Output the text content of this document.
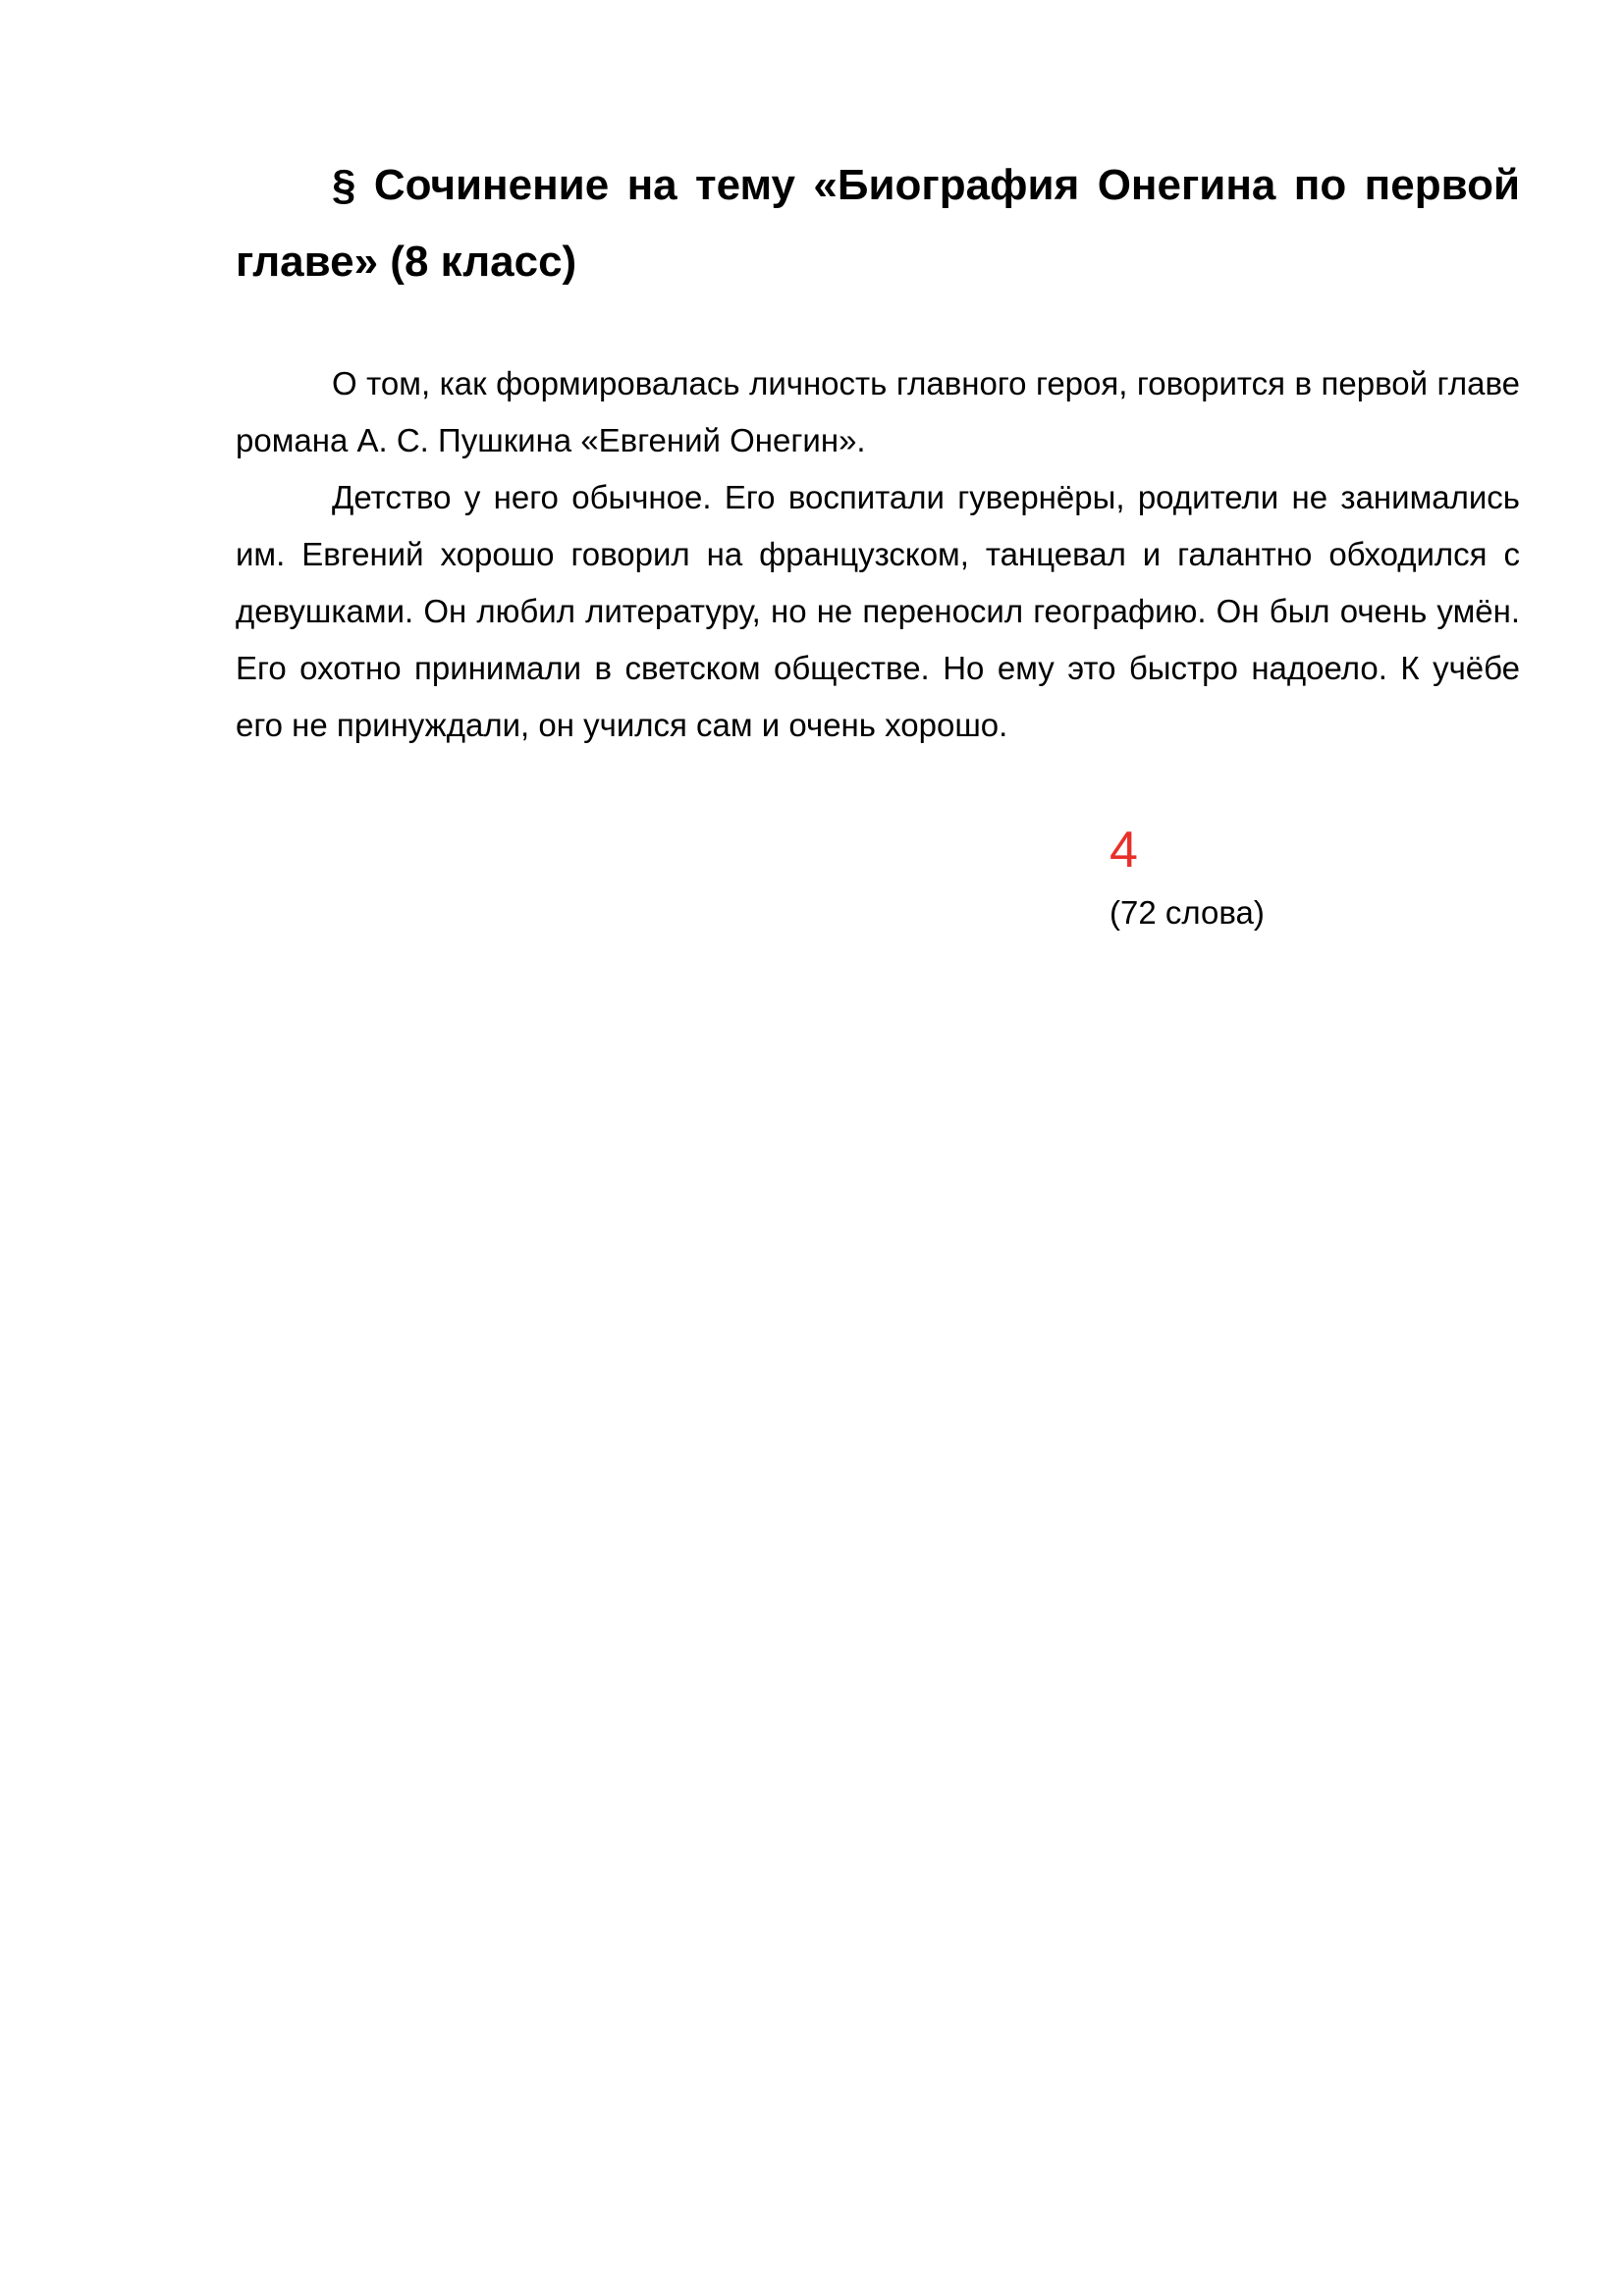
§ Сочинение на тему «Биография Онегина по первой главе» (8 класс)

О том, как формировалась личность главного героя, говорится в первой главе романа А. С. Пушкина «Евгений Онегин».

Детство у него обычное. Его воспитали гувернёры, родители не занимались им. Евгений хорошо говорил на французском, танцевал и галантно обходился с девушками. Он любил литературу, но не переносил географию. Он был очень умён. Его охотно принимали в светском обществе. Но ему это быстро надоело. К учёбе его не принуждали, он учился сам и очень хорошо.

4
(72 слова)
